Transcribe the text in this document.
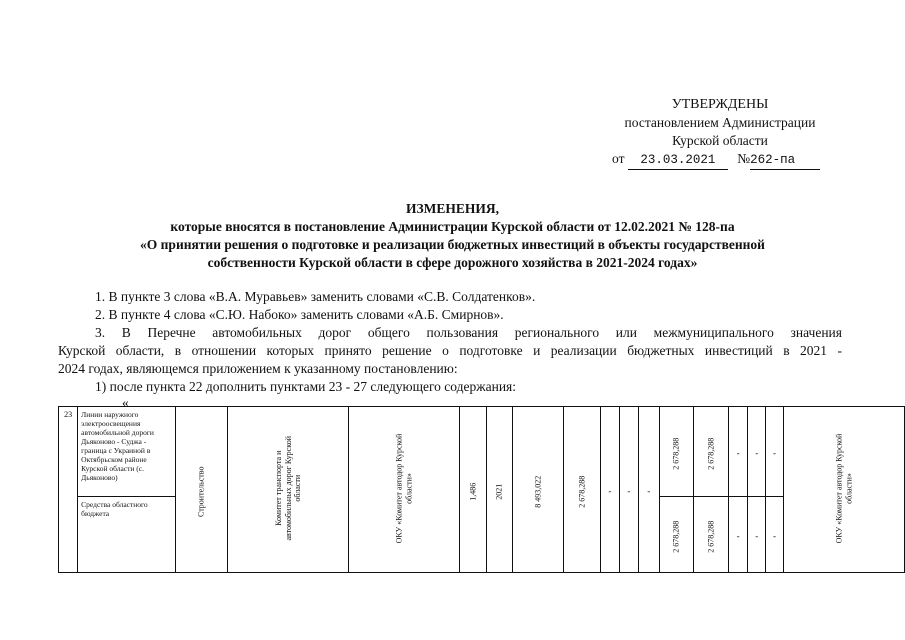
УТВЕРЖДЕНЫ
постановлением Администрации
Курской области
от 23.03.2021 №262-па
ИЗМЕНЕНИЯ,
которые вносятся в постановление Администрации Курской области от 12.02.2021 № 128-па
«О принятии решения о подготовке и реализации бюджетных инвестиций в объекты государственной
собственности Курской области в сфере дорожного хозяйства в 2021-2024 годах»
1. В пункте 3 слова «В.А. Муравьев» заменить словами «С.В. Солдатенков».
2. В пункте 4 слова «С.Ю. Набоко» заменить словами «А.Б. Смирнов».
3. В Перечне автомобильных дорог общего пользования регионального или межмуниципального значения
Курской области, в отношении которых принято решение о подготовке и реализации бюджетных инвестиций в 2021 -
2024 годах, являющемся приложением к указанному постановлению:
1) после пункта 22 дополнить пунктами 23 - 27 следующего содержания:
«
23	Линии наружного электроосвещения автомобильной дороги Дьяконово - Суджа - граница с Украиной в Октябрьском районе Курской области (с. Дьяконово)	Строительство	Комитет транспорта и автомобильных дорог Курской области	ОКУ «Комитет автодор Курской области»	1,486	2021	8 493,022	2 678,288	-	-	-	2 678,288	2 678,288	-	-	-	ОКУ «Комитет автодор Курской области»
	Средства областного бюджета											2 678,288	2 678,288	-	-	-	
